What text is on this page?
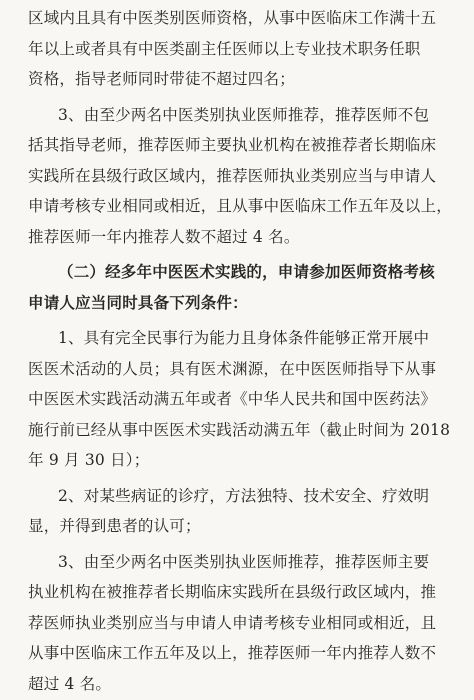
区域内且具有中医类别医师资格，从事中医临床工作满十五
年以上或者具有中医类副主任医师以上专业技术职务任职
资格，指导老师同时带徒不超过四名；
3、由至少两名中医类别执业医师推荐，推荐医师不包
括其指导老师，推荐医师主要执业机构在被推荐者长期临床
实践所在县级行政区域内，推荐医师执业类别应当与申请人
申请考核专业相同或相近，且从事中医临床工作五年及以上，
推荐医师一年内推荐人数不超过 4 名。
（二）经多年中医医术实践的，申请参加医师资格考核
申请人应当同时具备下列条件：
1、具有完全民事行为能力且身体条件能够正常开展中
医医术活动的人员；具有医术渊源，在中医医师指导下从事
中医医术实践活动满五年或者《中华人民共和国中医药法》
施行前已经从事中医医术实践活动满五年（截止时间为 2018
年 9 月 30 日）；
2、对某些病证的诊疗，方法独特、技术安全、疗效明
显，并得到患者的认可；
3、由至少两名中医类别执业医师推荐，推荐医师主要
执业机构在被推荐者长期临床实践所在县级行政区域内，推
荐医师执业类别应当与申请人申请考核专业相同或相近，且
从事中医临床工作五年及以上，推荐医师一年内推荐人数不
超过 4 名。
